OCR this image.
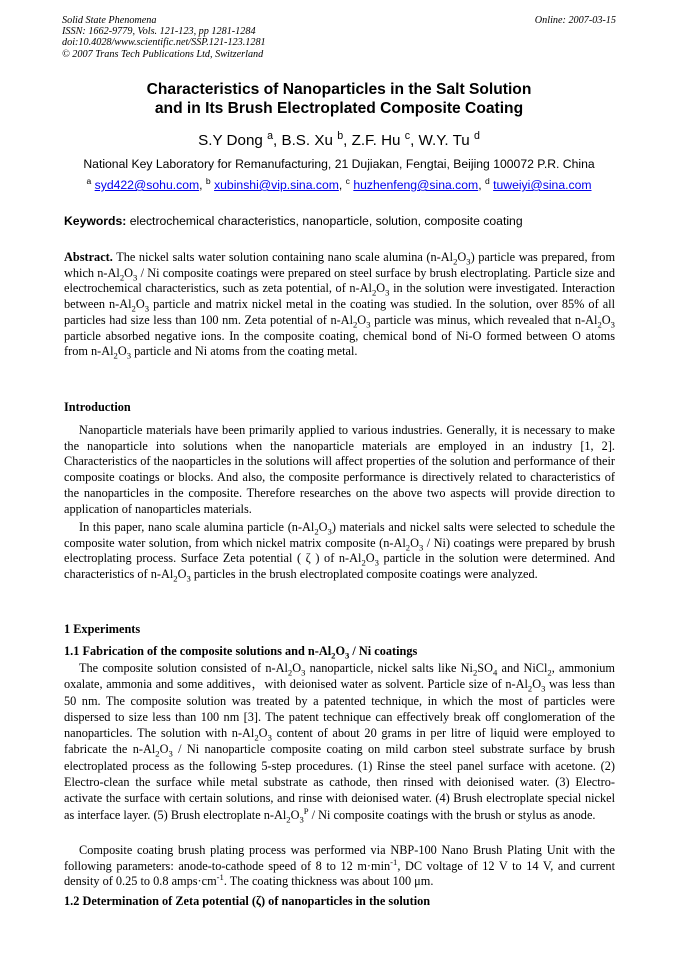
Solid State Phenomena
ISSN: 1662-9779, Vols. 121-123, pp 1281-1284
doi:10.4028/www.scientific.net/SSP.121-123.1281
© 2007 Trans Tech Publications Ltd, Switzerland
Online: 2007-03-15
Characteristics of Nanoparticles in the Salt Solution
and in Its Brush Electroplated Composite Coating
S.Y Dong $^a$, B.S. Xu $^b$, Z.F. Hu $^c$, W.Y. Tu $^d$
National Key Laboratory for Remanufacturing, 21 Dujiakan, Fengtai, Beijing 100072 P.R. China
$^a$ syd422@sohu.com, $^b$ xubinshi@vip.sina.com, $^c$ huzhenfeng@sina.com, $^d$ tuweiyi@sina.com
Keywords: electrochemical characteristics, nanoparticle, solution, composite coating
Abstract. The nickel salts water solution containing nano scale alumina $(n-Al_2O_3)$ particle was prepared, from which $n-Al_2O_3$ / Ni composite coatings were prepared on steel surface by brush electroplating. Particle size and electrochemical characteristics, such as zeta potential, of $n-Al_2O_3$ in the solution were investigated. Interaction between $n-Al_2O_3$ particle and matrix nickel metal in the coating was studied. In the solution, over 85% of all particles had size less than 100 nm. Zeta potential of $n-Al_2O_3$ particle was minus, which revealed that $n-Al_2O_3$ particle absorbed negative ions. In the composite coating, chemical bond of Ni-O formed between O atoms from $n-Al_2O_3$ particle and Ni atoms from the coating metal.
Introduction
Nanoparticle materials have been primarily applied to various industries. Generally, it is necessary to make the nanoparticle into solutions when the nanoparticle materials are employed in an industry [1, 2]. Characteristics of the naoparticles in the solutions will affect properties of the solution and performance of their composite coatings or blocks. And also, the composite performance is directively related to characteristics of the nanoparticles in the composite. Therefore researches on the above two aspects will provide direction to application of nanoparticles materials.
In this paper, nano scale alumina particle $(n-Al_2O_3)$ materials and nickel salts were selected to schedule the composite water solution, from which nickel matrix composite $(n-Al_2O_3 / Ni)$ coatings were prepared by brush electroplating process. Surface Zeta potential ( ζ ) of $n-Al_2O_3$ particle in the solution were determined. And characteristics of $n-Al_2O_3$ particles in the brush electroplated composite coatings were analyzed.
1 Experiments
1.1 Fabrication of the composite solutions and $n-Al_2O_3$ / Ni coatings
The composite solution consisted of $n-Al_2O_3$ nanoparticle, nickel salts like $Ni_2SO_4$ and NiCl$_2$, ammonium oxalate, ammonia and some additives，with deionised water as solvent. Particle size of $n-Al_2O_3$ was less than 50 nm. The composite solution was treated by a patented technique, in which the most of particles were dispersed to size less than 100 nm [3]. The patent technique can effectively break off conglomeration of the nanoparticles. The solution with $n-Al_2O_3$ content of about 20 grams in per litre of liquid were employed to fabricate the $n-Al_2O_3$ / Ni nanoparticle composite coating on mild carbon steel substrate surface by brush electroplated process as the following 5-step procedures. (1) Rinse the steel panel surface with acetone. (2) Electro-clean the surface while metal substrate as cathode, then rinsed with deionised water. (3) Electro-activate the surface with certain solutions, and rinse with deionised water. (4) Brush electroplate special nickel as interface layer. (5) Brush electroplate $n-Al_2O_3^P$ / Ni composite coatings with the brush or stylus as anode.
Composite coating brush plating process was performed via NBP-100 Nano Brush Plating Unit with the following parameters: anode-to-cathode speed of 8 to 12 $m\cdot\min^{-1}$, DC voltage of 12 V to 14 V, and current density of 0.25 to 0.8 $amps\cdot cm^{-1}$. The coating thickness was about 100 μm.
1.2 Determination of Zeta potential (ζ) of nanoparticles in the solution
